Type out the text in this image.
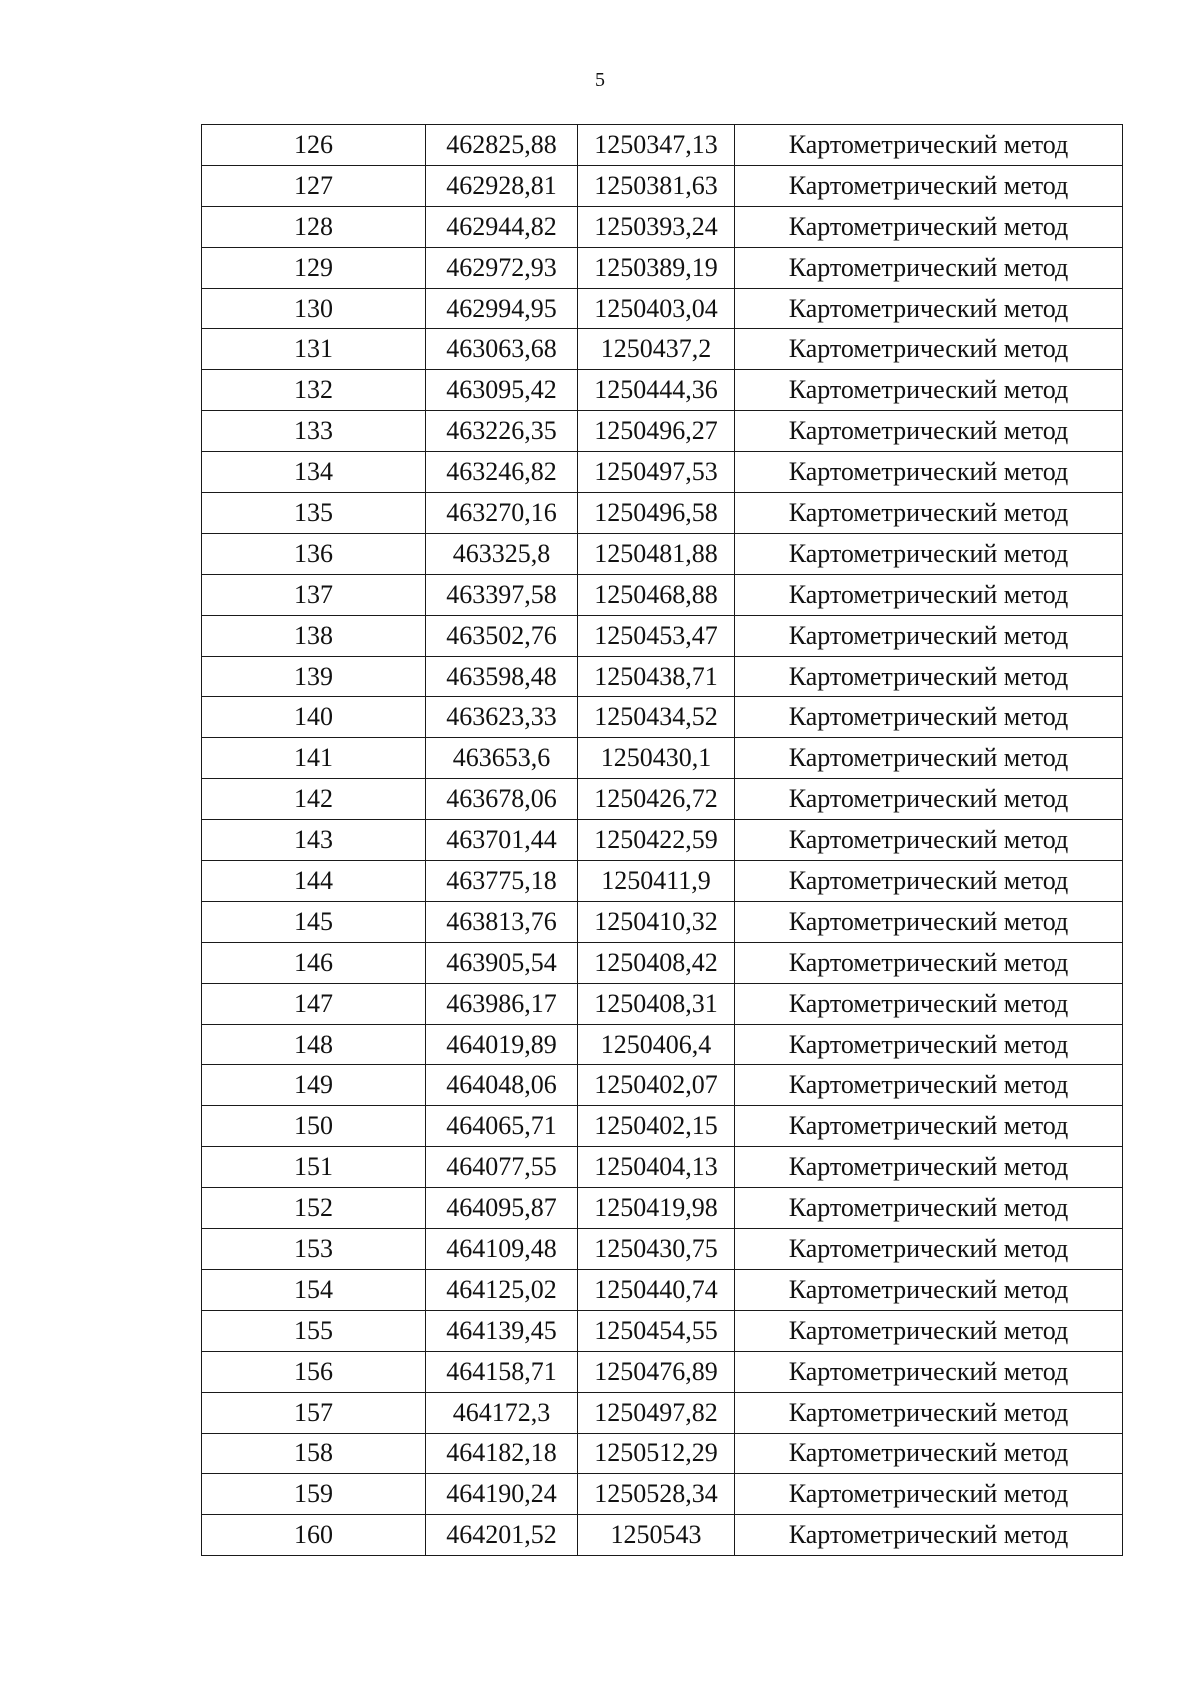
5
126	462825,88	1250347,13	Картометрический метод
127	462928,81	1250381,63	Картометрический метод
128	462944,82	1250393,24	Картометрический метод
129	462972,93	1250389,19	Картометрический метод
130	462994,95	1250403,04	Картометрический метод
131	463063,68	1250437,2	Картометрический метод
132	463095,42	1250444,36	Картометрический метод
133	463226,35	1250496,27	Картометрический метод
134	463246,82	1250497,53	Картометрический метод
135	463270,16	1250496,58	Картометрический метод
136	463325,8	1250481,88	Картометрический метод
137	463397,58	1250468,88	Картометрический метод
138	463502,76	1250453,47	Картометрический метод
139	463598,48	1250438,71	Картометрический метод
140	463623,33	1250434,52	Картометрический метод
141	463653,6	1250430,1	Картометрический метод
142	463678,06	1250426,72	Картометрический метод
143	463701,44	1250422,59	Картометрический метод
144	463775,18	1250411,9	Картометрический метод
145	463813,76	1250410,32	Картометрический метод
146	463905,54	1250408,42	Картометрический метод
147	463986,17	1250408,31	Картометрический метод
148	464019,89	1250406,4	Картометрический метод
149	464048,06	1250402,07	Картометрический метод
150	464065,71	1250402,15	Картометрический метод
151	464077,55	1250404,13	Картометрический метод
152	464095,87	1250419,98	Картометрический метод
153	464109,48	1250430,75	Картометрический метод
154	464125,02	1250440,74	Картометрический метод
155	464139,45	1250454,55	Картометрический метод
156	464158,71	1250476,89	Картометрический метод
157	464172,3	1250497,82	Картометрический метод
158	464182,18	1250512,29	Картометрический метод
159	464190,24	1250528,34	Картометрический метод
160	464201,52	1250543	Картометрический метод
